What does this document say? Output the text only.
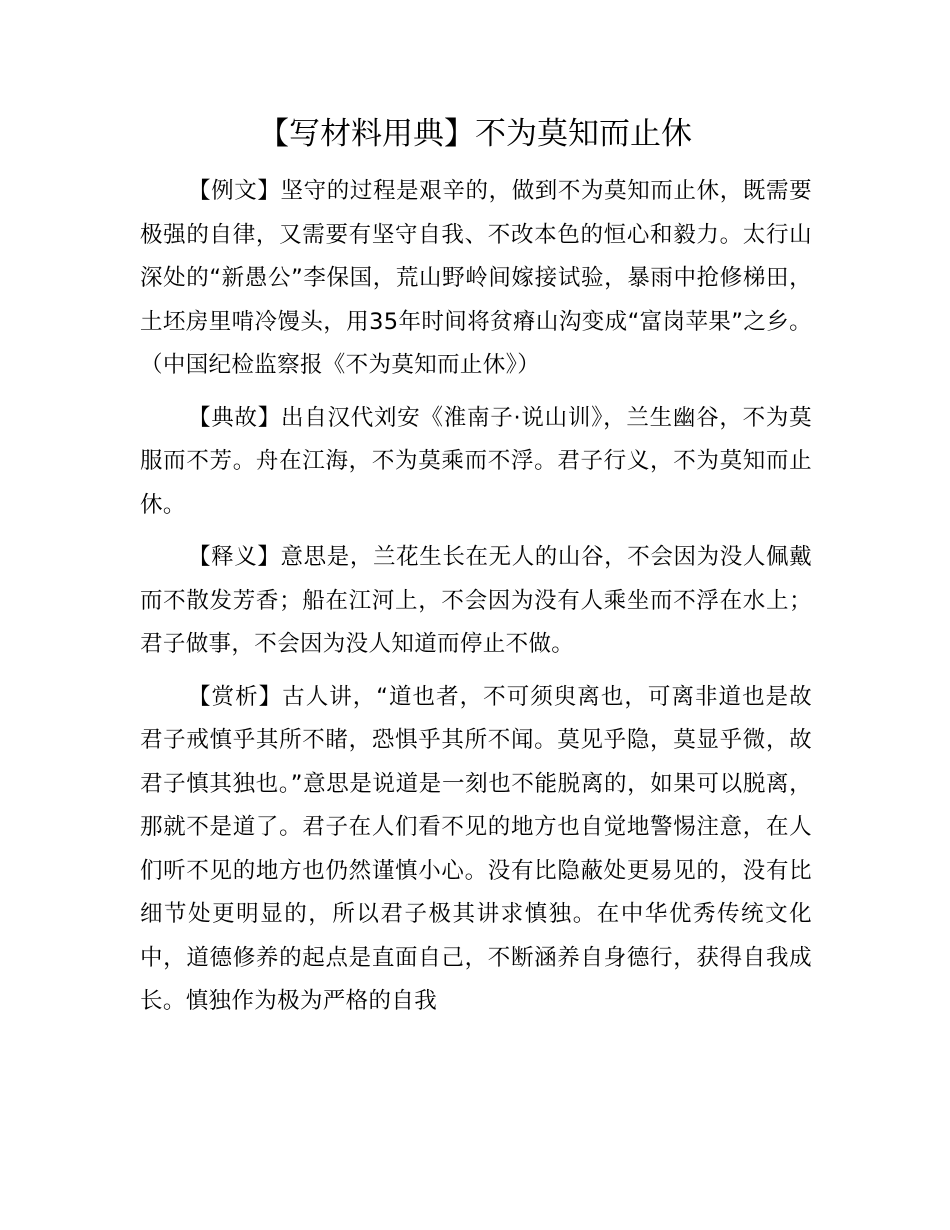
【写材料用典】不为莫知而止休

【例文】坚守的过程是艰辛的，做到不为莫知而止休，既需要极强的自律，又需要有坚守自我、不改本色的恒心和毅力。太行山深处的“新愚公”李保国，荒山野岭间嫁接试验，暴雨中抢修梯田，土坯房里啃冷馒头，用35年时间将贫瘠山沟变成“富岗苹果”之乡。（中国纪检监察报《不为莫知而止休》）

【典故】出自汉代刘安《淮南子·说山训》，兰生幽谷，不为莫服而不芳。舟在江海，不为莫乘而不浮。君子行义，不为莫知而止休。

【释义】意思是，兰花生长在无人的山谷，不会因为没人佩戴而不散发芳香；船在江河上，不会因为没有人乘坐而不浮在水上；君子做事，不会因为没人知道而停止不做。

【赏析】古人讲，“道也者，不可须臾离也，可离非道也是故君子戒慎乎其所不睹，恐惧乎其所不闻。莫见乎隐，莫显乎微，故君子慎其独也。”意思是说道是一刻也不能脱离的，如果可以脱离，那就不是道了。君子在人们看不见的地方也自觉地警惕注意，在人们听不见的地方也仍然谨慎小心。没有比隐蔽处更易见的，没有比细节处更明显的，所以君子极其讲求慎独。在中华优秀传统文化中，道德修养的起点是直面自己，不断涵养自身德行，获得自我成长。慎独作为极为严格的自我
